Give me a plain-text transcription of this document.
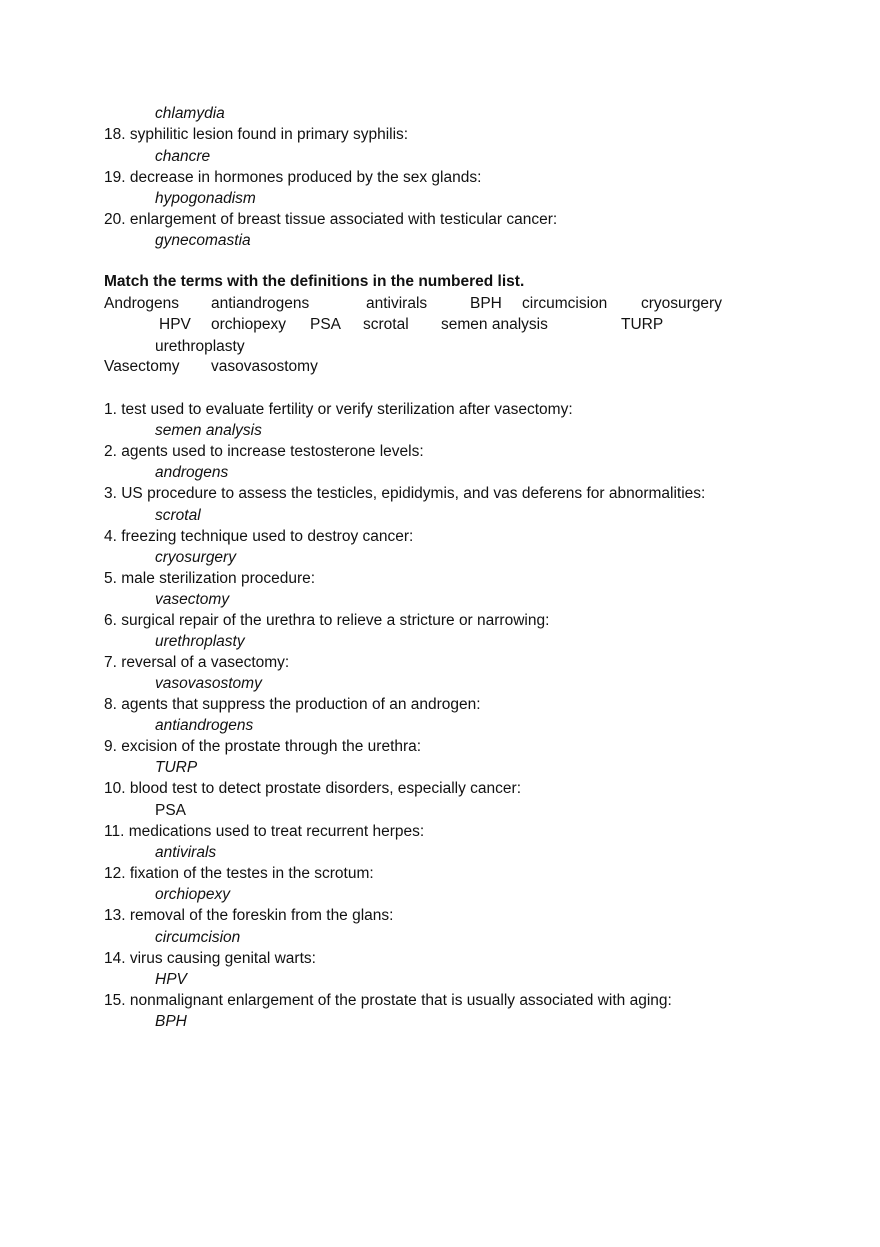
chlamydia
18. syphilitic lesion found in primary syphilis:
chancre
19. decrease in hormones produced by the sex glands:
hypogonadism
20. enlargement of breast tissue associated with testicular cancer:
gynecomastia
Match the terms with the deﬁnitions in the numbered list.
Androgens antiandrogens	antivirals	BPH circumcision cryosurgery
HPV orchiopexy PSA scrotal semen analysis	TURP
urethroplasty
Vasectomy vasovasostomy
1. test used to evaluate fertility or verify sterilization after vasectomy:
semen analysis
2. agents used to increase testosterone levels:
androgens
3. US procedure to assess the testicles, epididymis, and vas deferens for abnormalities:
scrotal
4. freezing technique used to destroy cancer:
cryosurgery
5. male sterilization procedure:
vasectomy
6. surgical repair of the urethra to relieve a stricture or narrowing:
urethroplasty
7. reversal of a vasectomy:
vasovasostomy
8. agents that suppress the production of an androgen:
antiandrogens
9. excision of the prostate through the urethra:
TURP
10. blood test to detect prostate disorders, especially cancer:
PSA
11. medications used to treat recurrent herpes:
antivirals
12. fixation of the testes in the scrotum:
orchiopexy
13. removal of the foreskin from the glans:
circumcision
14. virus causing genital warts:
HPV
15. nonmalignant enlargement of the prostate that is usually associated with aging:
BPH
